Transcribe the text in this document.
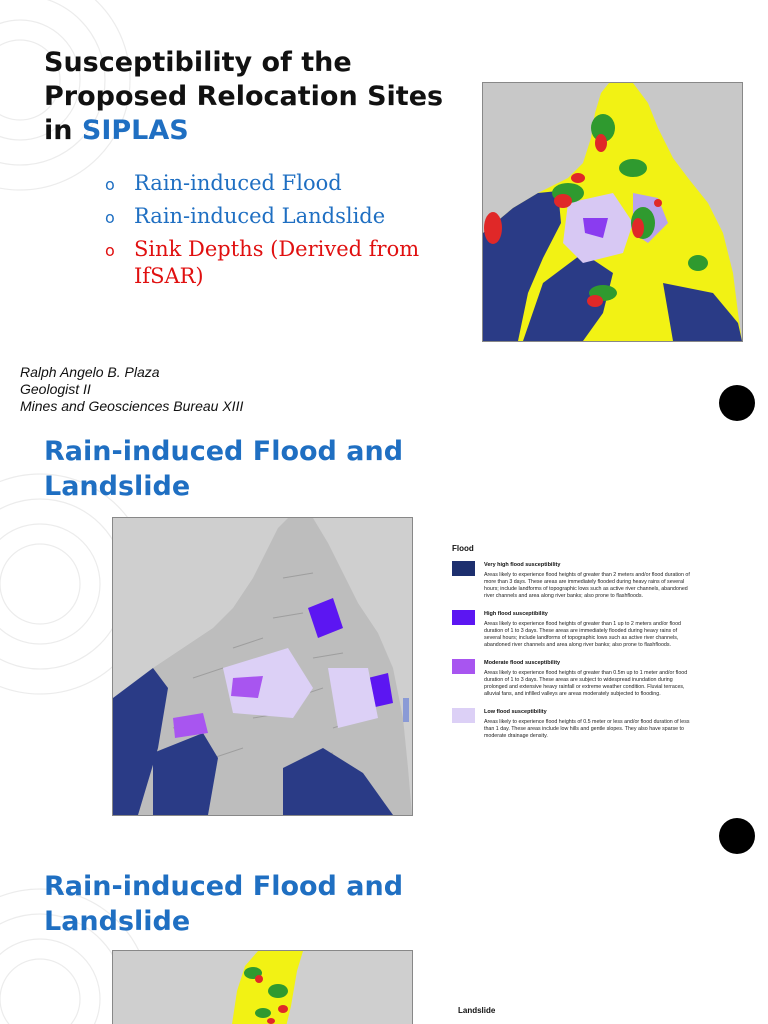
Susceptibility of the
Proposed Relocation Sites
in SIPLAS
o Rain-induced Flood
o Rain-induced Landslide
o Sink Depths (Derived from IfSAR)
Ralph Angelo B. Plaza
Geologist II
Mines and Geosciences Bureau XIII
Rain-induced Flood and
Landslide
Flood
Very high flood susceptibility
Areas likely to experience flood heights of greater than 2 meters and/or flood duration of more than 3 days. These areas are immediately flooded during heavy rains of several hours; include landforms of topographic lows such as active river channels, abandoned river channels and area along river banks; also prone to flashfloods.
High flood susceptibility
Areas likely to experience flood heights of greater than 1 up to 2 meters and/or flood duration of 1 to 3 days. These areas are immediately flooded during heavy rains of several hours; include landforms of topographic lows such as active river channels, abandoned river channels and area along river banks; also prone to flashfloods.
Moderate flood susceptibility
Areas likely to experience flood heights of greater than 0.5m up to 1 meter and/or flood duration of 1 to 3 days. These areas are subject to widespread inundation during prolonged and extensive heavy rainfall or extreme weather condition. Fluvial terraces, alluvial fans, and infilled valleys are areas moderately subjected to flooding.
Low flood susceptibility
Areas likely to experience flood heights of 0.5 meter or less and/or flood duration of less than 1 day. These areas include low hills and gentle slopes. They also have sparse to moderate drainage density.
Rain-induced Flood and
Landslide
Landslide
